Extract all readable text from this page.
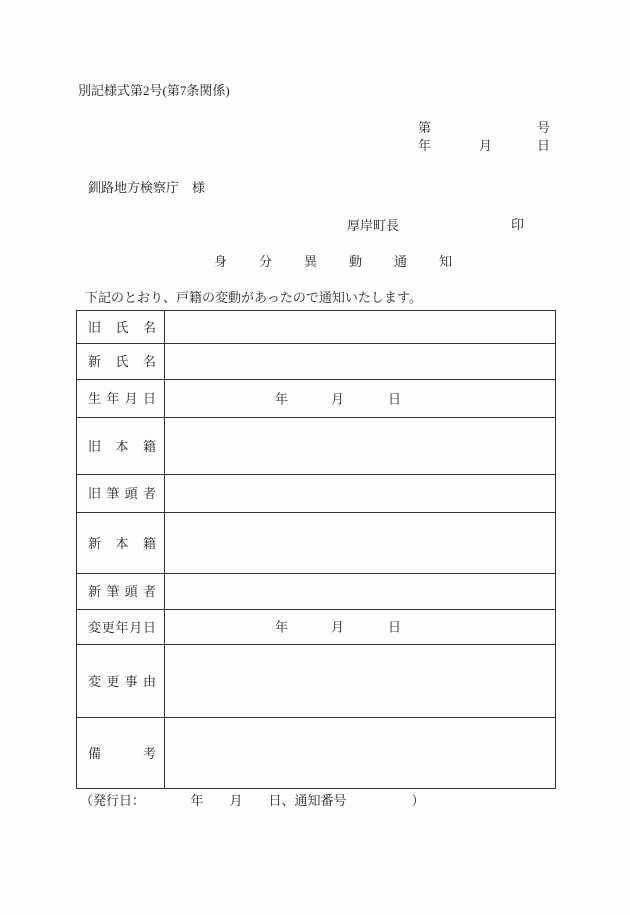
別記様式第2号(第7条関係)
第	号
年	月	日
釧路地方検察庁　様
厚岸町長	印
身分異動通知
下記のとおり、戸籍の変動があったので通知いたします。
旧 氏 名
新 氏 名
生 年 月 日	年	月	日
旧 本 籍
旧 筆 頭 者
新 本 籍
新 筆 頭 者
変 更 年 月 日	年	月	日
変 更 事 由
備	考
（発行日：　　　　年　　月　　日、通知番号　　　　　）
